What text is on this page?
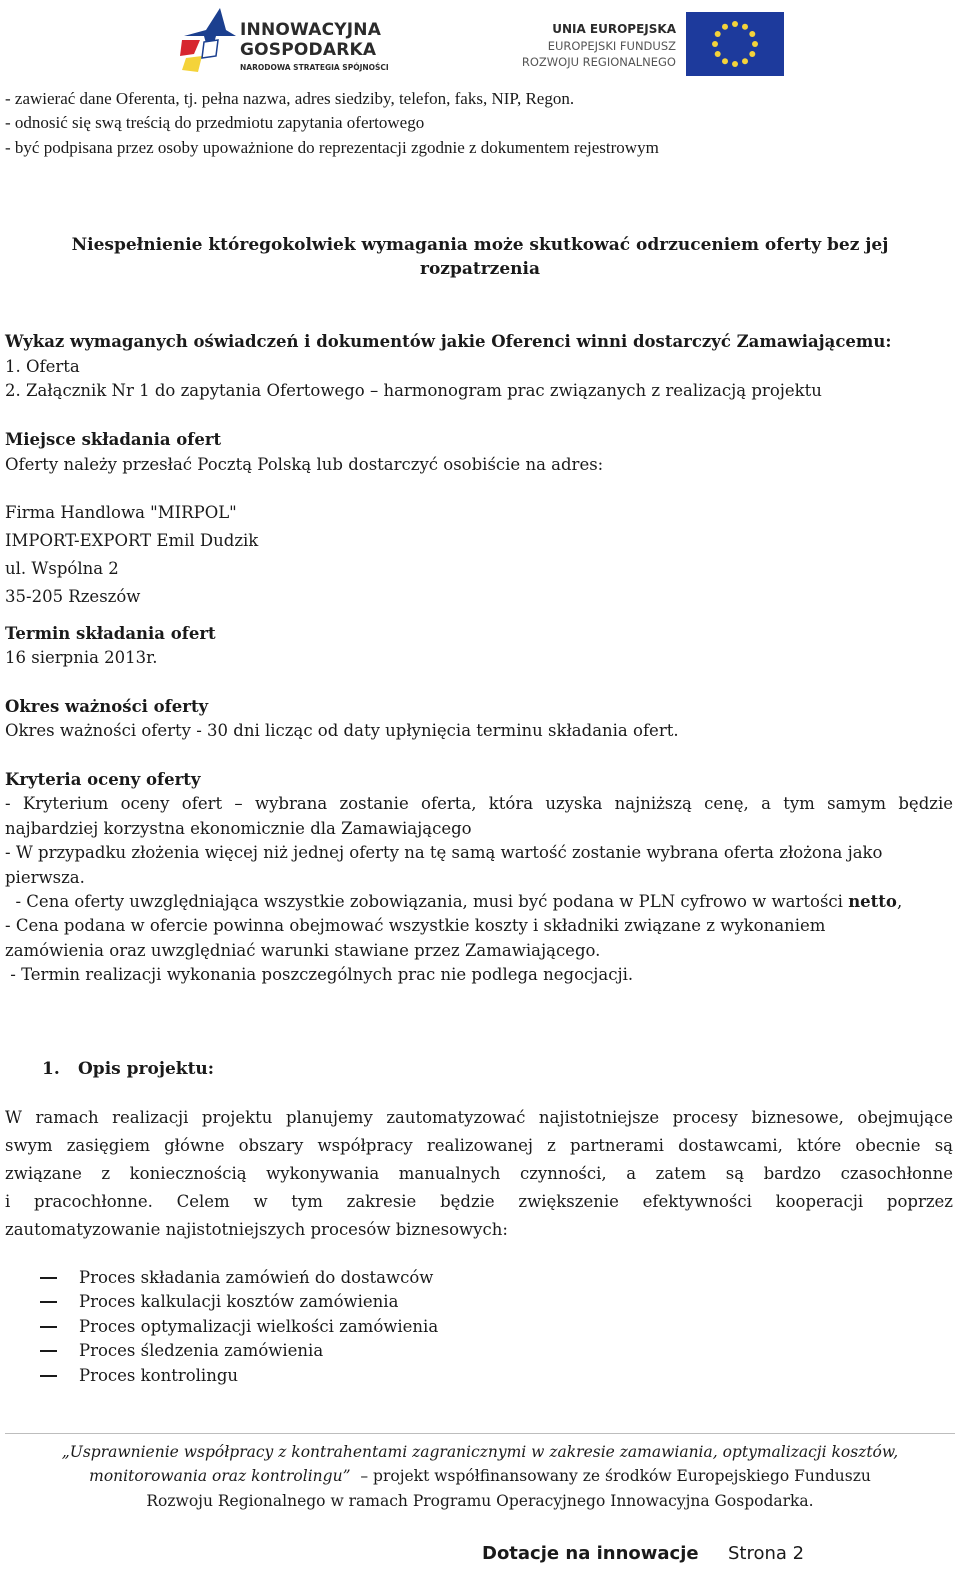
INNOWACYJNA
GOSPODARKA
NARODOWA STRATEGIA SPÓJNOŚCI
UNIA EUROPEJSKA
EUROPEJSKI FUNDUSZ
ROZWOJU REGIONALNEGO
- zawierać dane Oferenta, tj. pełna nazwa, adres siedziby, telefon, faks, NIP, Regon.
- odnosić się swą treścią do przedmiotu zapytania ofertowego
- być podpisana przez osoby upoważnione do reprezentacji zgodnie z dokumentem rejestrowym
Niespełnienie któregokolwiek wymagania może skutkować odrzuceniem oferty bez jej
rozpatrzenia
Wykaz wymaganych oświadczeń i dokumentów jakie Oferenci winni dostarczyć Zamawiającemu:
1. Oferta
2. Załącznik Nr 1 do zapytania Ofertowego – harmonogram prac związanych z realizacją projektu
Miejsce składania ofert
Oferty należy przesłać Pocztą Polską lub dostarczyć osobiście na adres:
Firma Handlowa "MIRPOL"
IMPORT-EXPORT Emil Dudzik
ul. Wspólna 2
35-205 Rzeszów
Termin składania ofert
16 sierpnia 2013r.
Okres ważności oferty
Okres ważności oferty - 30 dni licząc od daty upłynięcia terminu składania ofert.
Kryteria oceny oferty
- Kryterium oceny ofert – wybrana zostanie oferta, która uzyska najniższą cenę, a tym samym będzie
najbardziej korzystna ekonomicznie dla Zamawiającego
- W przypadku złożenia więcej niż jednej oferty na tę samą wartość zostanie wybrana oferta złożona jako
pierwsza.
- Cena oferty uwzględniająca wszystkie zobowiązania, musi być podana w PLN cyfrowo w wartości netto,
- Cena podana w ofercie powinna obejmować wszystkie koszty i składniki związane z wykonaniem
zamówienia oraz uwzględniać warunki stawiane przez Zamawiającego.
- Termin realizacji wykonania poszczególnych prac nie podlega negocjacji.
1. Opis projektu:
W ramach realizacji projektu planujemy zautomatyzować najistotniejsze procesy biznesowe, obejmujące
swym zasięgiem główne obszary współpracy realizowanej z partnerami dostawcami, które obecnie są
związane z koniecznością wykonywania manualnych czynności, a zatem są bardzo czasochłonne
i pracochłonne. Celem w tym zakresie będzie zwiększenie efektywności kooperacji poprzez
zautomatyzowanie najistotniejszych procesów biznesowych:
Proces składania zamówień do dostawców
Proces kalkulacji kosztów zamówienia
Proces optymalizacji wielkości zamówienia
Proces śledzenia zamówienia
Proces kontrolingu
„Usprawnienie współpracy z kontrahentami zagranicznymi w zakresie zamawiania, optymalizacji kosztów,
monitorowania oraz kontrolingu”  – projekt współfinansowany ze środków Europejskiego Funduszu
Rozwoju Regionalnego w ramach Programu Operacyjnego Innowacyjna Gospodarka.
Dotacje na innowacje Strona 2
